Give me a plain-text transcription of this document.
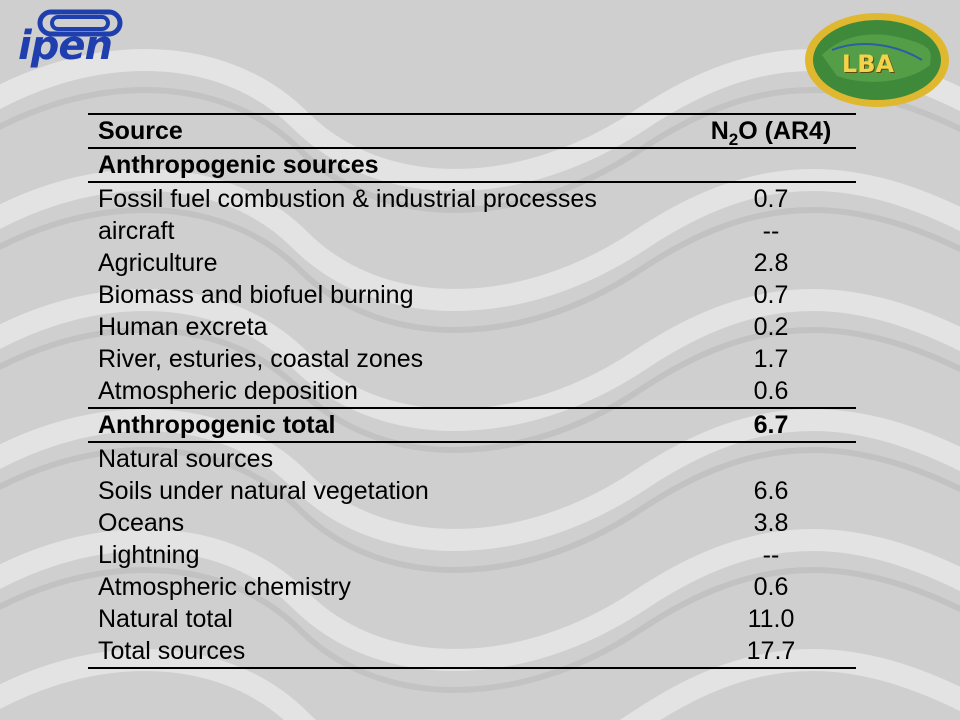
ipen	LBA
Source	$N_2O$ (AR4)
Anthropogenic sources	
Fossil fuel combustion & industrial processes	0.7
aircraft	--
Agriculture	2.8
Biomass and biofuel burning	0.7
Human excreta	0.2
River, esturies, coastal zones	1.7
Atmospheric deposition	0.6
Anthropogenic total	6.7
Natural sources	
Soils under natural vegetation	6.6
Oceans	3.8
Lightning	--
Atmospheric chemistry	0.6
Natural total	11.0
Total sources	17.7
